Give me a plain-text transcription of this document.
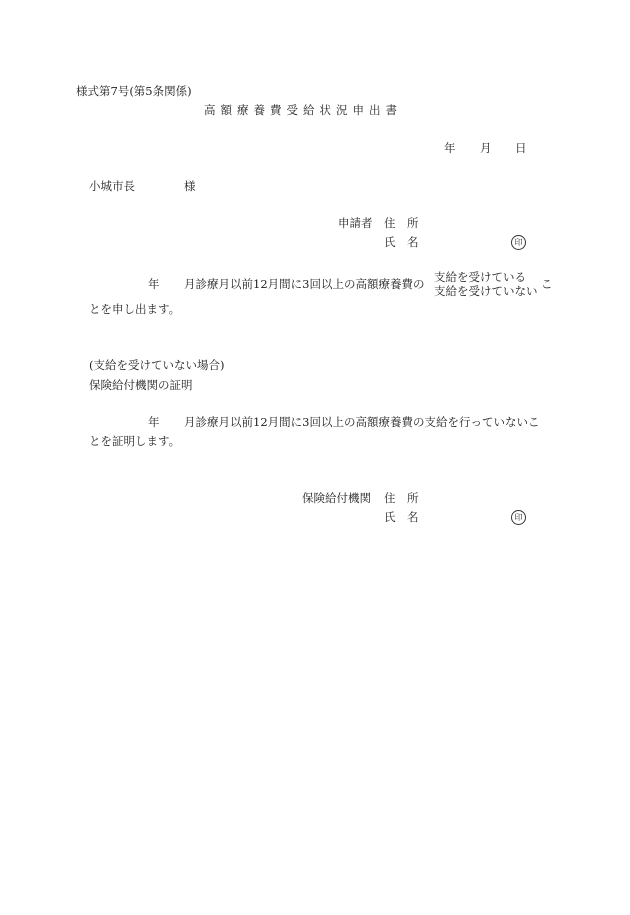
様式第7号(第5条関係)
高額療養費受給状況申出書
年 月 日
小城市長	様
申請者 住　所
氏　名	印
年 月診療月以前12月間に3回以上の高額療養費の 支給を受けている
支給を受けていない こ
とを申し出ます。
(支給を受けていない場合)
保険給付機関の証明
年 月診療月以前12月間に3回以上の高額療養費の支給を行っていないこ
とを証明します。
保険給付機関 住　所
氏　名	印
